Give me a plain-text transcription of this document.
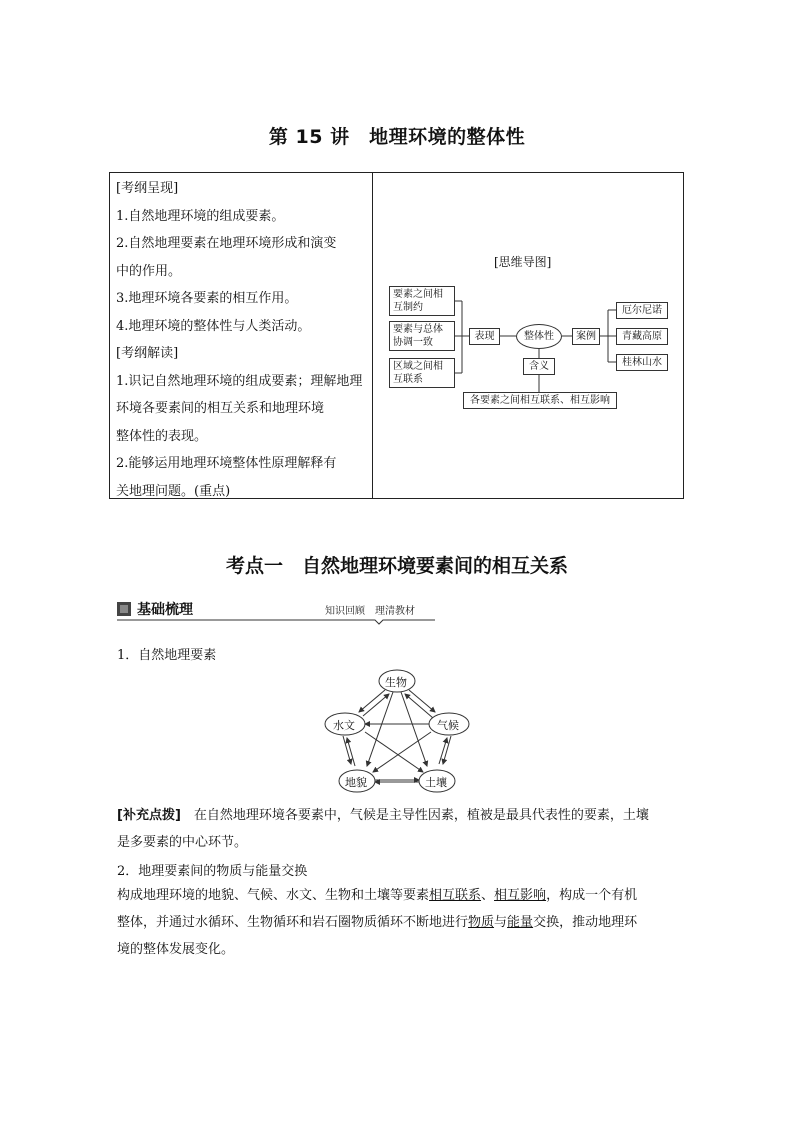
第 15 讲　地理环境的整体性
[考纲呈现]
1.自然地理环境的组成要素。
2.自然地理要素在地理环境形成和演变
中的作用。
3.地理环境各要素的相互作用。
4.地理环境的整体性与人类活动。
[考纲解读]
1.识记自然地理环境的组成要素；理解地理
环境各要素间的相互关系和地理环境
整体性的表现。
2.能够运用地理环境整体性原理解释有
关地理问题。(重点)
[思维导图]
要素之间相
互制约
要素与总体
协调一致
区域之间相
互联系
表现	整体性	案例
厄尔尼诺
青藏高原
桂林山水
含义
各要素之间相互联系、相互影响
考点一　自然地理环境要素间的相互关系
基础梳理	知识回顾　理清教材
1．自然地理要素
生物
水文	气候
地貌	土壤
[补充点拨]　 在自然地理环境各要素中，气候是主导性因素，植被是最具代表性的要素，土壤
是多要素的中心环节。
2．地理要素间的物质与能量交换
构成地理环境的地貌、气候、水文、生物和土壤等要素相互联系、相互影响，构成一个有机
整体，并通过水循环、生物循环和岩石圈物质循环不断地进行物质与能量交换，推动地理环
境的整体发展变化。
